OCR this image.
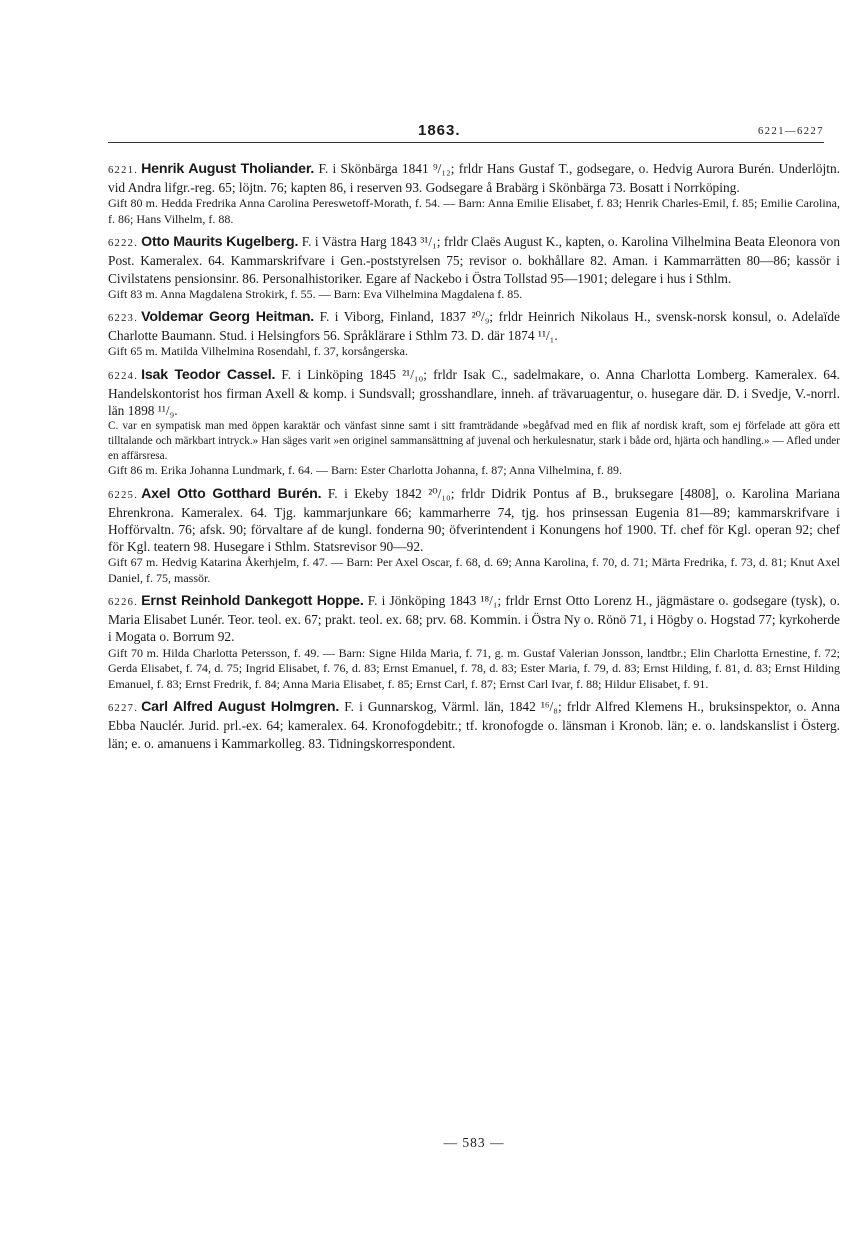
1863.	6221—6227

6221. Henrik August Tholiander. F. i Skönbärga 1841 ⁹/₁₂; frldr Hans Gustaf T., godsegare, o. Hedvig Aurora Burén. Underlöjtn. vid Andra lifgr.-reg. 65; löjtn. 76; kapten 86, i reserven 93. Godsegare å Brabärg i Skönbärga 73. Bosatt i Norrköping.

Gift 80 m. Hedda Fredrika Anna Carolina Pereswetoff-Morath, f. 54. — Barn: Anna Emilie Elisabet, f. 83; Henrik Charles-Emil, f. 85; Emilie Carolina, f. 86; Hans Vilhelm, f. 88.

6222. Otto Maurits Kugelberg. F. i Västra Harg 1843 ³¹/₁; frldr Claës August K., kapten, o. Karolina Vilhelmina Beata Eleonora von Post. Kameralex. 64. Kammarskrifvare i Gen.-poststyrelsen 75; revisor o. bokhållare 82. Aman. i Kammarrätten 80—86; kassör i Civilstatens pensionsinr. 86. Personalhistoriker. Egare af Nackebo i Östra Tollstad 95—1901; delegare i hus i Sthlm.

Gift 83 m. Anna Magdalena Strokirk, f. 55. — Barn: Eva Vilhelmina Magdalena f. 85.

6223. Voldemar Georg Heitman. F. i Viborg, Finland, 1837 ²⁰/₉; frldr Heinrich Nikolaus H., svensk-norsk konsul, o. Adelaïde Charlotte Baumann. Stud. i Helsingfors 56. Språklärare i Sthlm 73. D. där 1874 ¹¹/₁.

Gift 65 m. Matilda Vilhelmina Rosendahl, f. 37, korsångerska.

6224. Isak Teodor Cassel. F. i Linköping 1845 ²¹/₁₀; frldr Isak C., sadelmakare, o. Anna Charlotta Lomberg. Kameralex. 64. Handelskontorist hos firman Axell & komp. i Sundsvall; grosshandlare, inneh. af trävaruagentur, o. husegare där. D. i Svedje, V.-norrl. län 1898 ¹¹/₉.

C. var en sympatisk man med öppen karaktär och vänfast sinne samt i sitt framträdande »begåfvad med en flik af nordisk kraft, som ej förfelade att göra ett tilltalande och märkbart intryck.» Han säges varit »en originel sammansättning af juvenal och herkulesnatur, stark i både ord, hjärta och handling.» — Afled under en affärsresa.

Gift 86 m. Erika Johanna Lundmark, f. 64. — Barn: Ester Charlotta Johanna, f. 87; Anna Vilhelmina, f. 89.

6225. Axel Otto Gotthard Burén. F. i Ekeby 1842 ²⁰/₁₀; frldr Didrik Pontus af B., bruksegare [4808], o. Karolina Mariana Ehrenkrona. Kameralex. 64. Tjg. kammarjunkare 66; kammarherre 74, tjg. hos prinsessan Eugenia 81—89; kammarskrifvare i Hofförvaltn. 76; afsk. 90; förvaltare af de kungl. fonderna 90; öfverintendent i Konungens hof 1900. Tf. chef för Kgl. operan 92; chef för Kgl. teatern 98. Husegare i Sthlm. Statsrevisor 90—92.

Gift 67 m. Hedvig Katarina Åkerhjelm, f. 47. — Barn: Per Axel Oscar, f. 68, d. 69; Anna Karolina, f. 70, d. 71; Märta Fredrika, f. 73, d. 81; Knut Axel Daniel, f. 75, massör.

6226. Ernst Reinhold Dankegott Hoppe. F. i Jönköping 1843 ¹⁸/₁; frldr Ernst Otto Lorenz H., jägmästare o. godsegare (tysk), o. Maria Elisabet Lunér. Teor. teol. ex. 67; prakt. teol. ex. 68; prv. 68. Kommin. i Östra Ny o. Rönö 71, i Högby o. Hogstad 77; kyrkoherde i Mogata o. Borrum 92.

Gift 70 m. Hilda Charlotta Petersson, f. 49. — Barn: Signe Hilda Maria, f. 71, g. m. Gustaf Valerian Jonsson, landtbr.; Elin Charlotta Ernestine, f. 72; Gerda Elisabet, f. 74, d. 75; Ingrid Elisabet, f. 76, d. 83; Ernst Emanuel, f. 78, d. 83; Ester Maria, f. 79, d. 83; Ernst Hilding, f. 81, d. 83; Ernst Hilding Emanuel, f. 83; Ernst Fredrik, f. 84; Anna Maria Elisabet, f. 85; Ernst Carl, f. 87; Ernst Carl Ivar, f. 88; Hildur Elisabet, f. 91.

6227. Carl Alfred August Holmgren. F. i Gunnarskog, Värml. län, 1842 ¹⁶/₈; frldr Alfred Klemens H., bruksinspektor, o. Anna Ebba Nauclér. Jurid. prl.-ex. 64; kameralex. 64. Kronofogdebitr.; tf. kronofogde o. länsman i Kronob. län; e. o. landskanslist i Österg. län; e. o. amanuens i Kammarkolleg. 83. Tidningskorrespondent.

— 583 —
